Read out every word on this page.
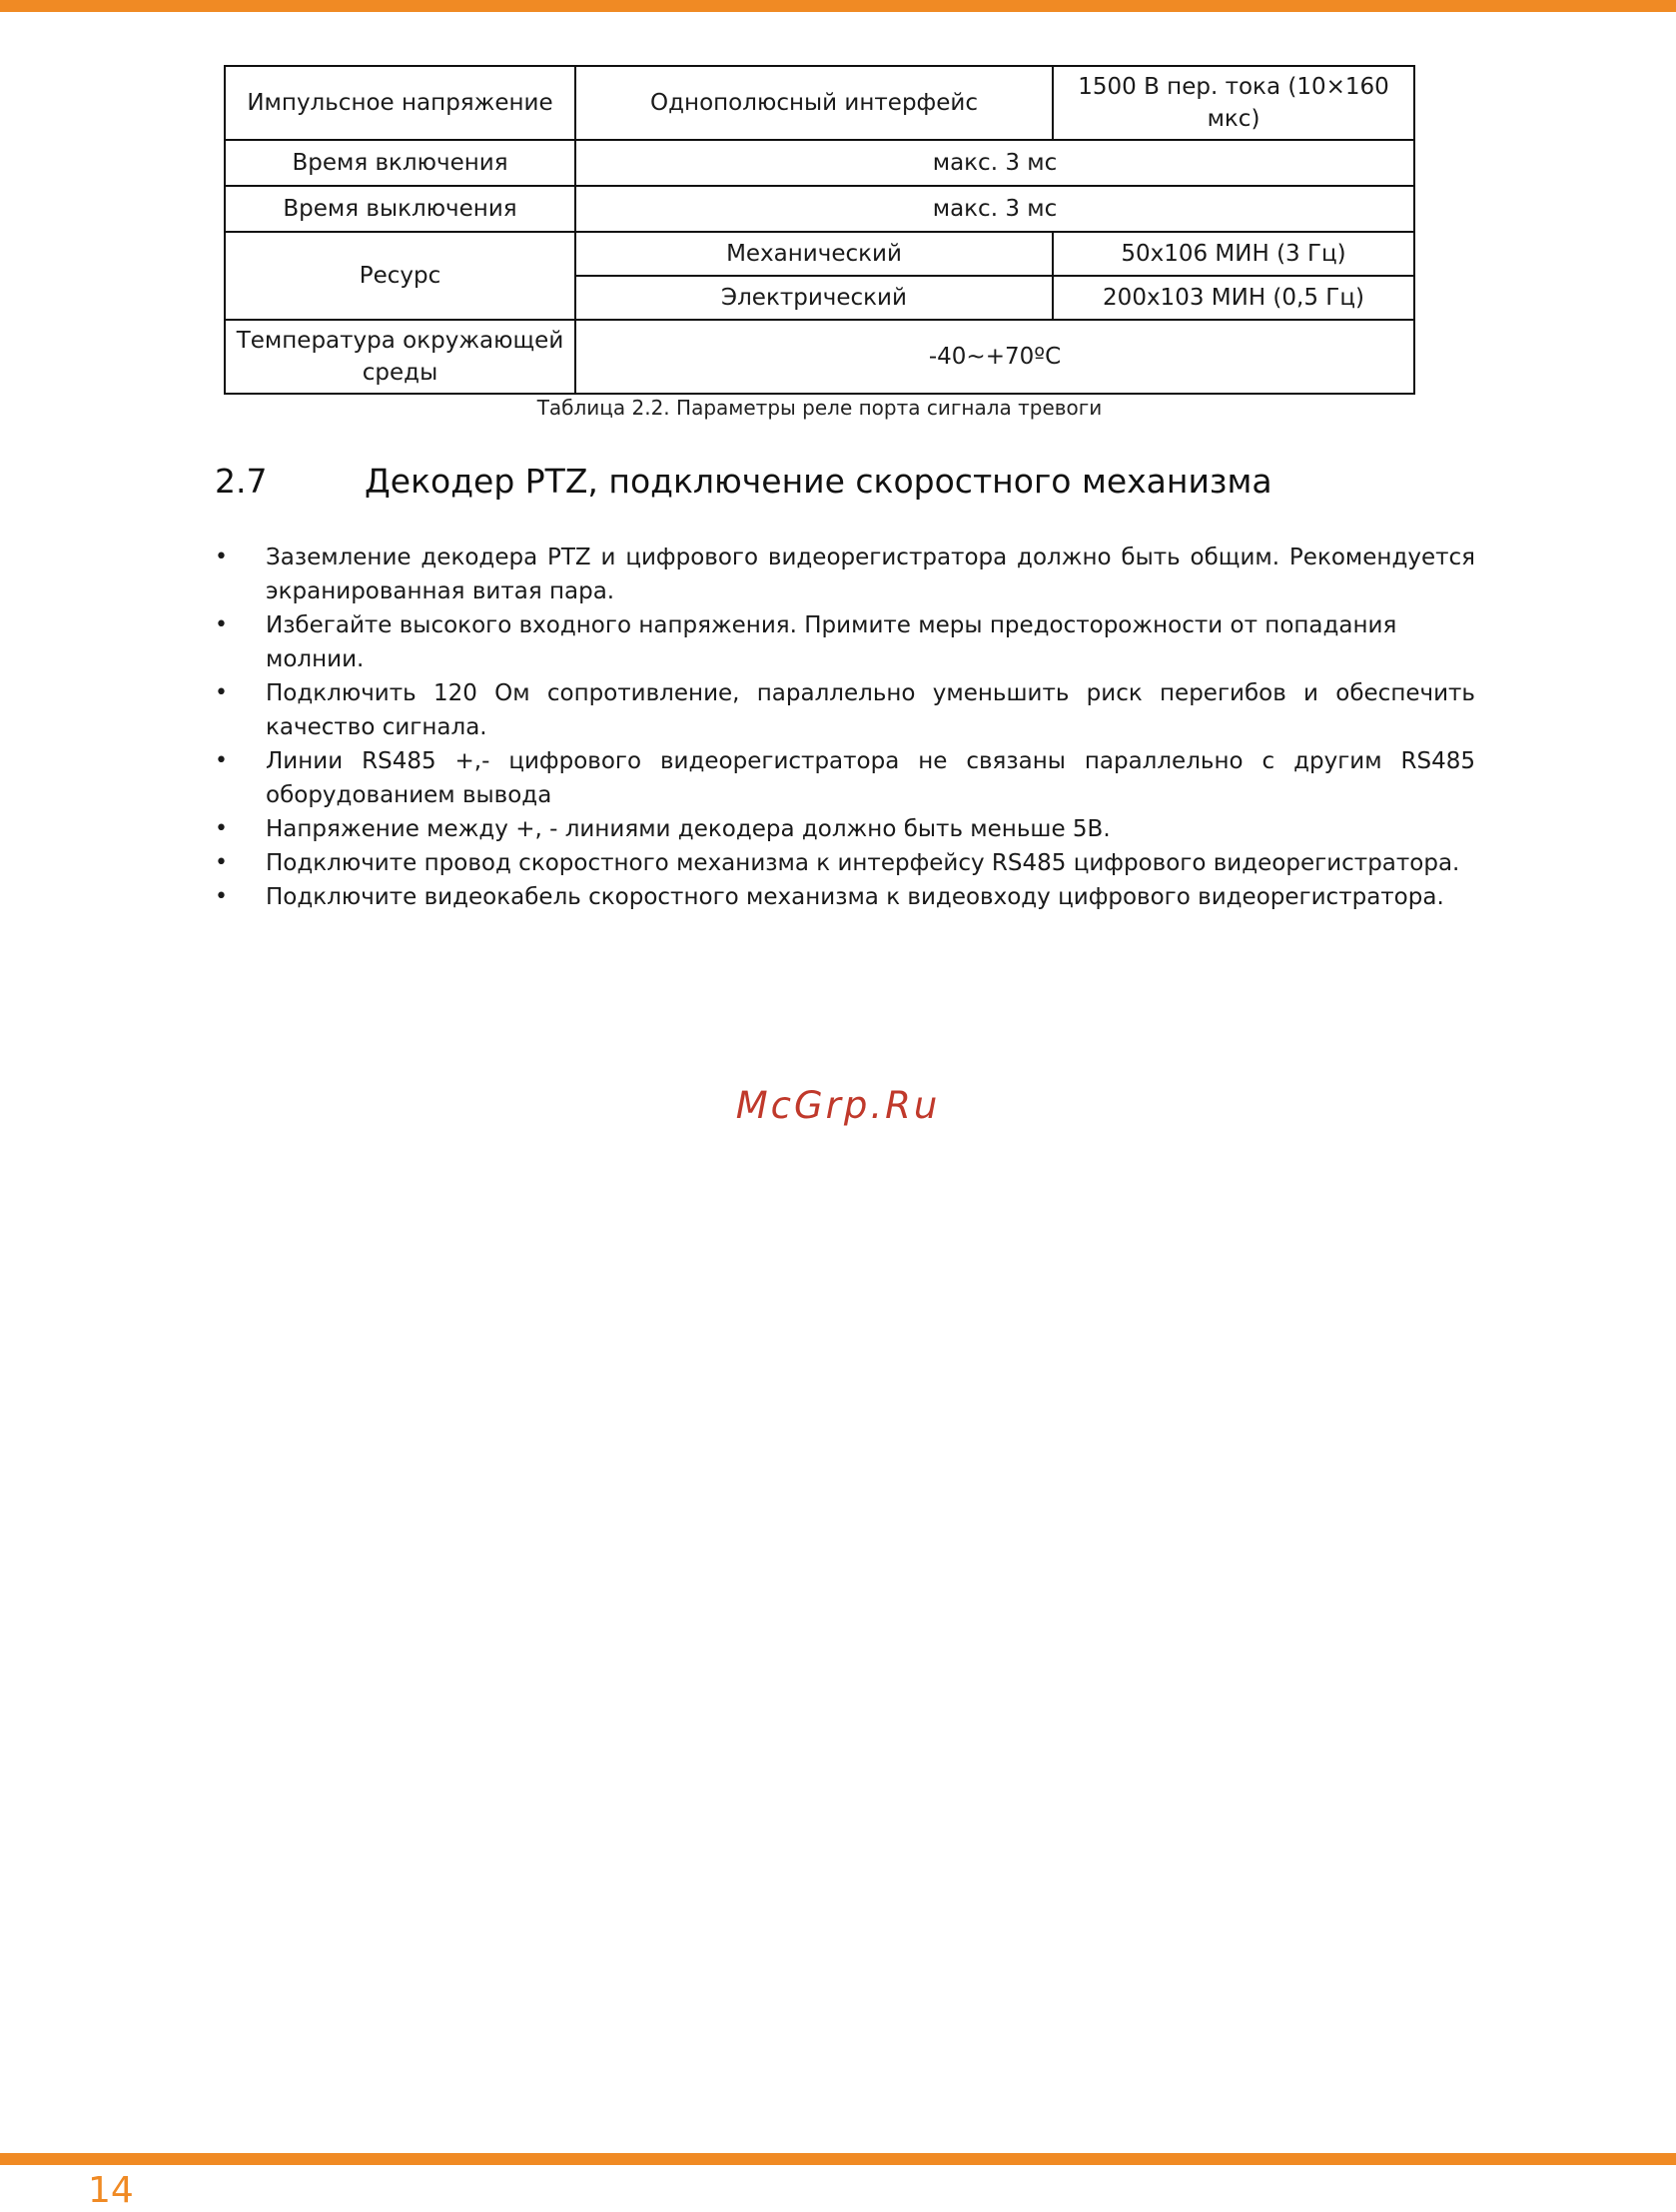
Импульсное напряжение	Однополюсный интерфейс	1500 В пер. тока (10×160 мкс)
Время включения	макс. 3 мс	
Время выключения	макс. 3 мс	
Ресурс	Механический	50x106 МИН (3 Гц)
	Электрический	200x103 МИН (0,5 Гц)
Температура окружающей среды	-40~+70ºC	
Таблица 2.2. Параметры реле порта сигнала тревоги
2.7	Декодер PTZ, подключение скоростного механизма
• Заземление декодера PTZ и цифрового видеорегистратора должно быть общим. Рекомендуется экранированная витая пара.
• Избегайте высокого входного напряжения. Примите меры предосторожности от попадания молнии.
• Подключить 120 Ом сопротивление, параллельно уменьшить риск перегибов и обеспечить качество сигнала.
• Линии RS485 +,- цифрового видеорегистратора не связаны параллельно с другим RS485 оборудованием вывода
• Напряжение между +, - линиями декодера должно быть меньше 5В.
• Подключите провод скоростного механизма к интерфейсу RS485 цифрового видеорегистратора.
• Подключите видеокабель скоростного механизма к видеовходу цифрового видеорегистратора.
McGrp.Ru
14
